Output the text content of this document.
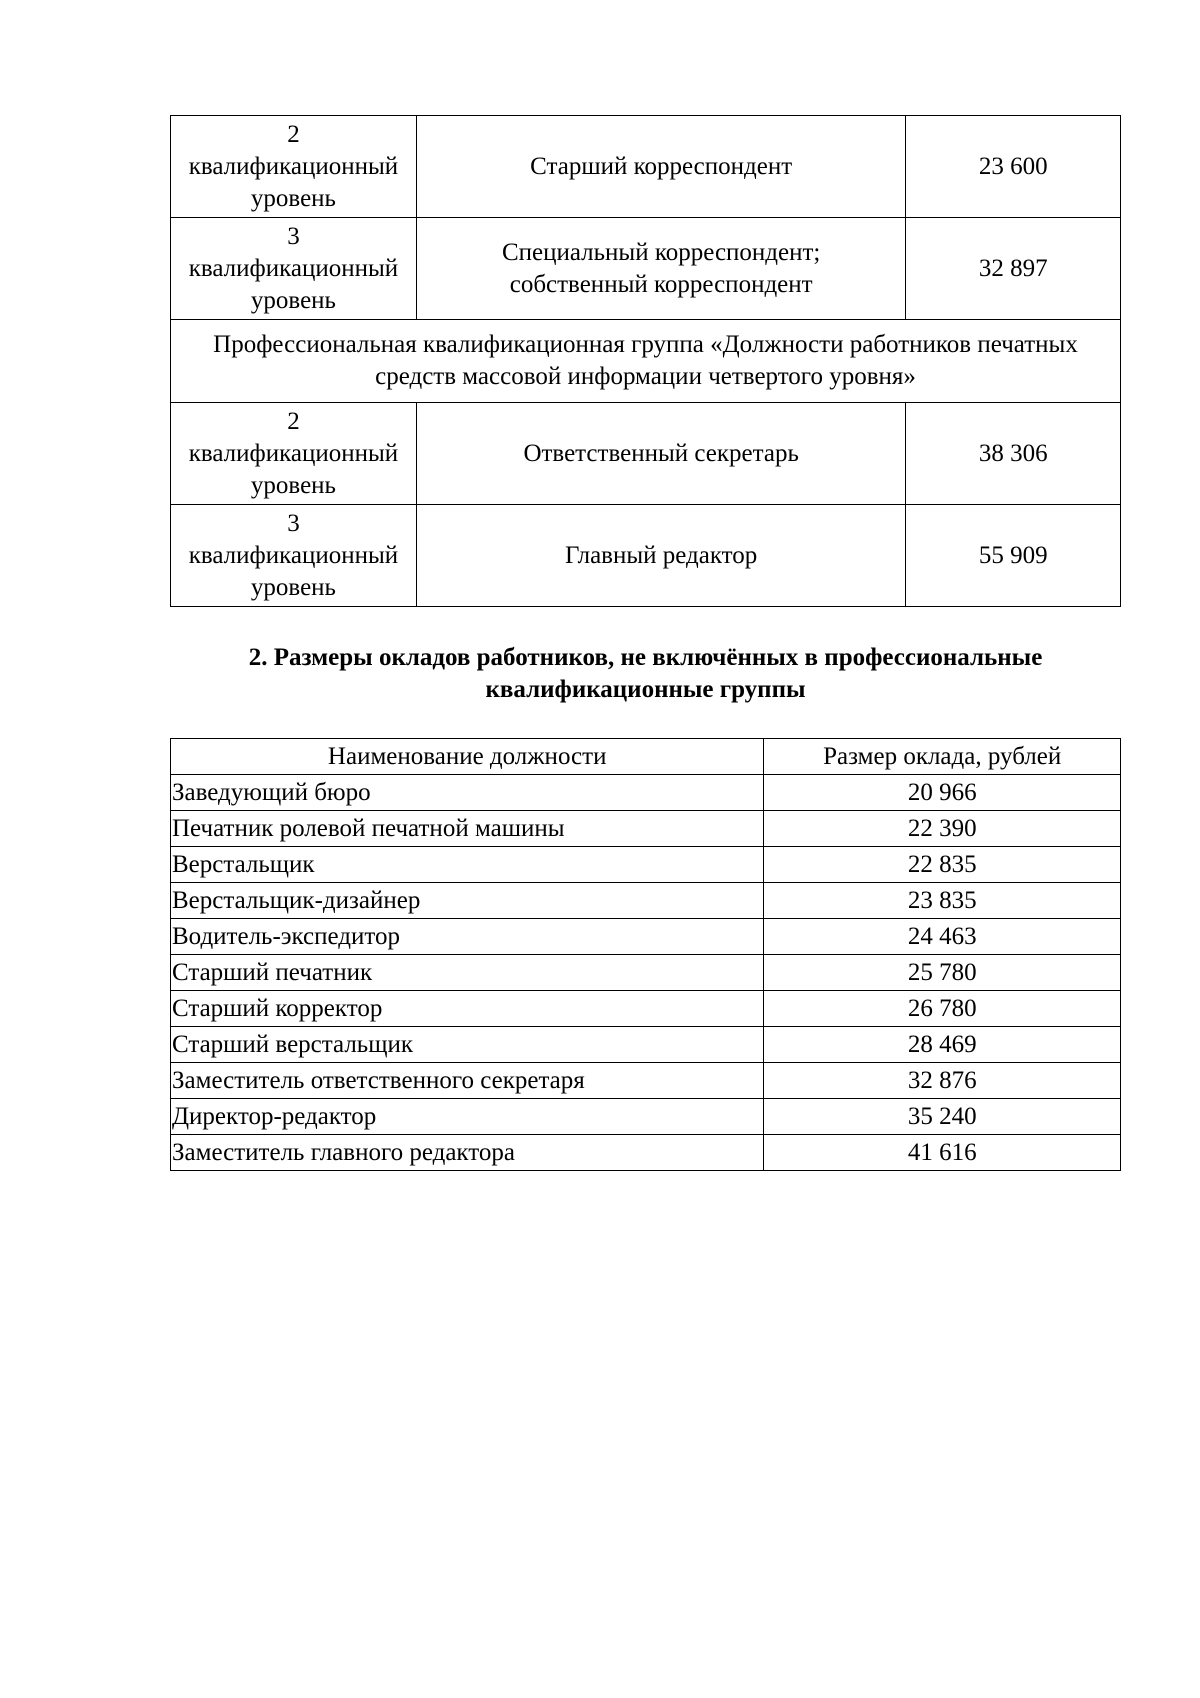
2
квалификационный
уровень	Старший корреспондент	23 600

3
квалификационный
уровень	Специальный корреспондент; собственный корреспондент	32 897

Профессиональная квалификационная группа «Должности работников печатных средств массовой информации четвертого уровня»		

2
квалификационный
уровень	Ответственный секретарь	38 306

3
квалификационный
уровень	Главный редактор	55 909
2. Размеры окладов работников, не включённых в профессиональные квалификационные группы
Наименование должности	Размер оклада, рублей
Заведующий бюро	20 966
Печатник ролевой печатной машины	22 390
Верстальщик	22 835
Верстальщик-дизайнер	23 835
Водитель-экспедитор	24 463
Старший печатник	25 780
Старший корректор	26 780
Старший верстальщик	28 469
Заместитель ответственного секретаря	32 876
Директор-редактор	35 240
Заместитель главного редактора	41 616
